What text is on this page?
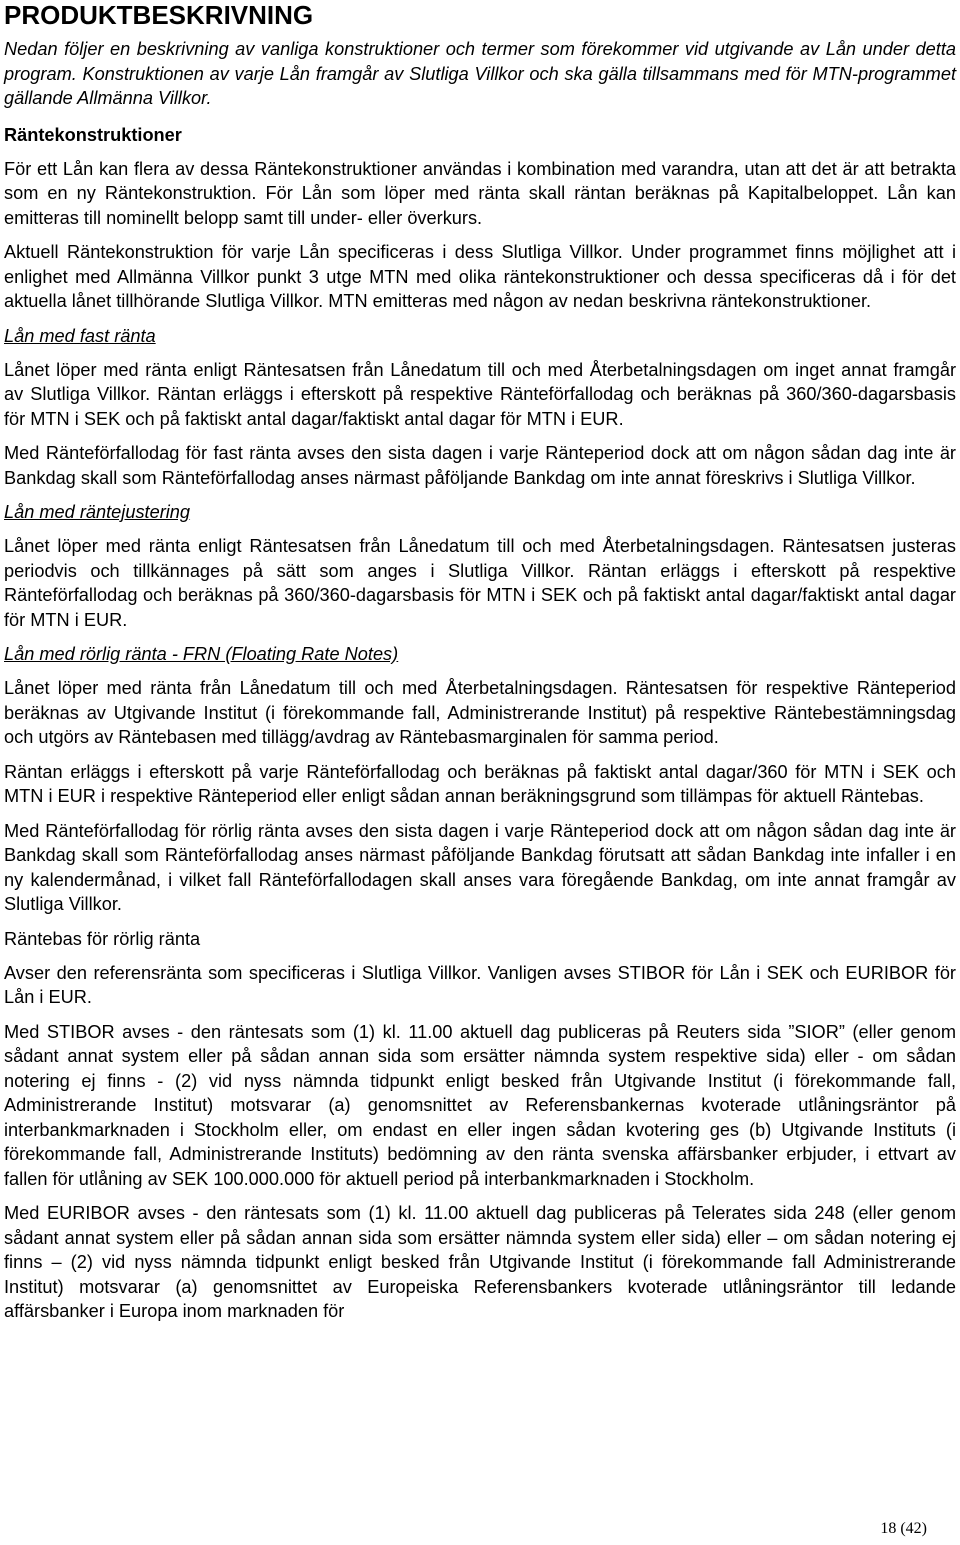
PRODUKTBESKRIVNING

Nedan följer en beskrivning av vanliga konstruktioner och termer som förekommer vid utgivande av Lån under detta program. Konstruktionen av varje Lån framgår av Slutliga Villkor och ska gälla tillsammans med för MTN-programmet gällande Allmänna Villkor.

Räntekonstruktioner

För ett Lån kan flera av dessa Räntekonstruktioner användas i kombination med varandra, utan att det är att betrakta som en ny Räntekonstruktion. För Lån som löper med ränta skall räntan beräknas på Kapitalbeloppet. Lån kan emitteras till nominellt belopp samt till under- eller överkurs.

Aktuell Räntekonstruktion för varje Lån specificeras i dess Slutliga Villkor. Under programmet finns möjlighet att i enlighet med Allmänna Villkor punkt 3 utge MTN med olika räntekonstruktioner och dessa specificeras då i för det aktuella lånet tillhörande Slutliga Villkor. MTN emitteras med någon av nedan beskrivna räntekonstruktioner.

Lån med fast ränta

Lånet löper med ränta enligt Räntesatsen från Lånedatum till och med Återbetalningsdagen om inget annat framgår av Slutliga Villkor. Räntan erläggs i efterskott på respektive Ränteförfallodag och beräknas på 360/360-dagarsbasis för MTN i SEK och på faktiskt antal dagar/faktiskt antal dagar för MTN i EUR.

Med Ränteförfallodag för fast ränta avses den sista dagen i varje Ränteperiod dock att om någon sådan dag inte är Bankdag skall som Ränteförfallodag anses närmast påföljande Bankdag om inte annat föreskrivs i Slutliga Villkor.

Lån med räntejustering

Lånet löper med ränta enligt Räntesatsen från Lånedatum till och med Återbetalningsdagen. Räntesatsen justeras periodvis och tillkännages på sätt som anges i Slutliga Villkor. Räntan erläggs i efterskott på respektive Ränteförfallodag och beräknas på 360/360-dagarsbasis för MTN i SEK och på faktiskt antal dagar/faktiskt antal dagar för MTN i EUR.

Lån med rörlig ränta - FRN (Floating Rate Notes)

Lånet löper med ränta från Lånedatum till och med Återbetalningsdagen. Räntesatsen för respektive Ränteperiod beräknas av Utgivande Institut (i förekommande fall, Administrerande Institut) på respektive Räntebestämningsdag och utgörs av Räntebasen med tillägg/avdrag av Räntebasmarginalen för samma period.

Räntan erläggs i efterskott på varje Ränteförfallodag och beräknas på faktiskt antal dagar/360 för MTN i SEK och MTN i EUR i respektive Ränteperiod eller enligt sådan annan beräkningsgrund som tillämpas för aktuell Räntebas.

Med Ränteförfallodag för rörlig ränta avses den sista dagen i varje Ränteperiod dock att om någon sådan dag inte är Bankdag skall som Ränteförfallodag anses närmast påföljande Bankdag förutsatt att sådan Bankdag inte infaller i en ny kalendermånad, i vilket fall Ränteförfallodagen skall anses vara föregående Bankdag, om inte annat framgår av Slutliga Villkor.

Räntebas för rörlig ränta

Avser den referensränta som specificeras i Slutliga Villkor. Vanligen avses STIBOR för Lån i SEK och EURIBOR för Lån i EUR.

Med STIBOR avses - den räntesats som (1) kl. 11.00 aktuell dag publiceras på Reuters sida ”SIOR” (eller genom sådant annat system eller på sådan annan sida som ersätter nämnda system respektive sida) eller - om sådan notering ej finns - (2) vid nyss nämnda tidpunkt enligt besked från Utgivande Institut (i förekommande fall, Administrerande Institut) motsvarar (a) genomsnittet av Referensbankernas kvoterade utlåningsräntor på interbankmarknaden i Stockholm eller, om endast en eller ingen sådan kvotering ges (b) Utgivande Instituts (i förekommande fall, Administrerande Instituts) bedömning av den ränta svenska affärsbanker erbjuder, i ettvart av fallen för utlåning av SEK 100.000.000 för aktuell period på interbankmarknaden i Stockholm.

Med EURIBOR avses - den räntesats som (1) kl. 11.00 aktuell dag publiceras på Telerates sida 248 (eller genom sådant annat system eller på sådan annan sida som ersätter nämnda system eller sida) eller – om sådan notering ej finns – (2) vid nyss nämnda tidpunkt enligt besked från Utgivande Institut (i förekommande fall Administrerande Institut) motsvarar (a) genomsnittet av Europeiska Referensbankers kvoterade utlåningsräntor till ledande affärsbanker i Europa inom marknaden för

18 (42)
